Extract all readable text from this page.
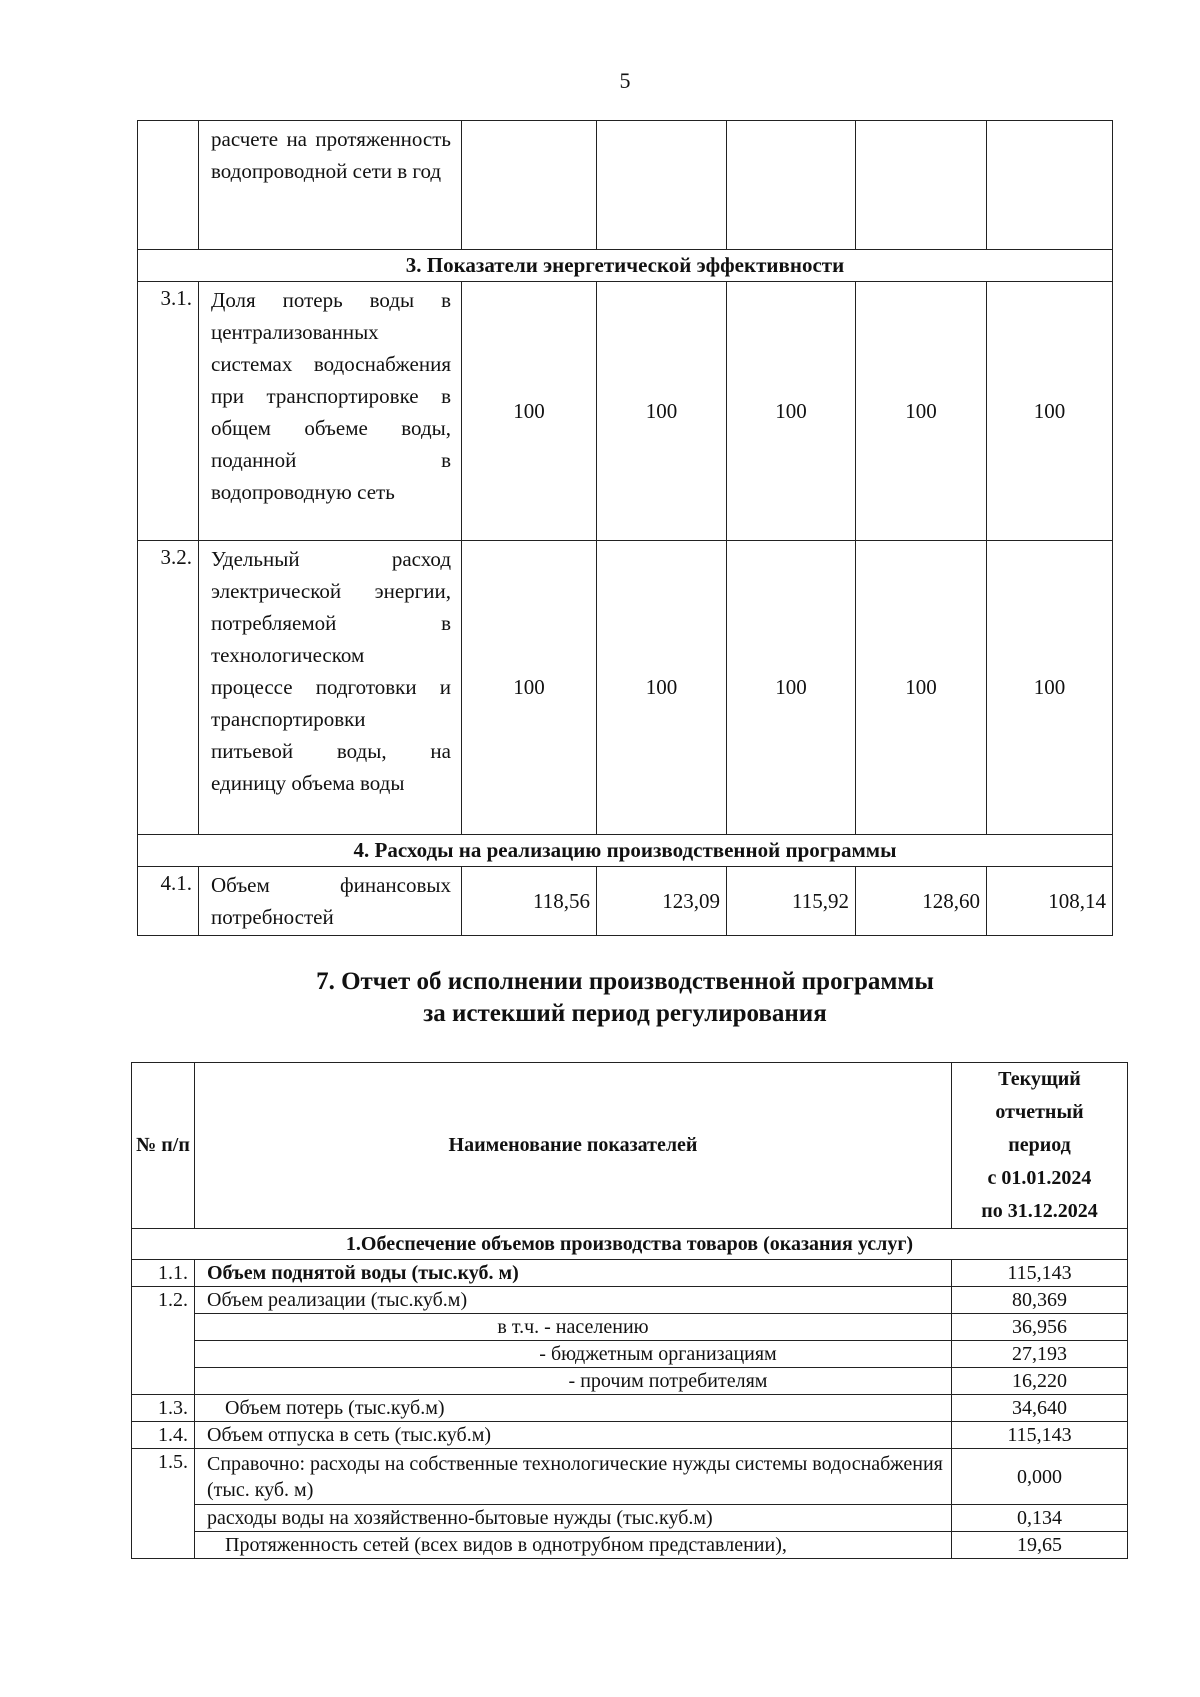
5
	расчете на протяженность водопроводной сети в год					
3. Показатели энергетической эффективности						
3.1.	Доля потерь воды в централизованных системах водоснабжения при транспортировке в общем объеме воды, поданной в водопроводную сеть	100	100	100	100	100
3.2.	Удельный расход электрической энергии, потребляемой в технологическом процессе подготовки и транспортировки питьевой воды, на единицу объема воды	100	100	100	100	100
4. Расходы на реализацию производственной программы						
4.1.	Объем финансовых потребностей	118,56	123,09	115,92	128,60	108,14
7. Отчет об исполнении производственной программы
за истекший период регулирования
№ п/п	Наименование показателей	Текущий
отчетный
период
с 01.01.2024
по 31.12.2024

1.Обеспечение объемов производства товаров (оказания услуг)		
1.1.	Объем поднятой воды (тыс.куб. м)	115,143
1.2.	Объем реализации (тыс.куб.м)	80,369
	в т.ч. - населению	36,956
	- бюджетным организациям	27,193
	- прочим потребителям	16,220
1.3.	Объем потерь (тыс.куб.м)	34,640
1.4.	Объем отпуска в сеть (тыс.куб.м)	115,143
1.5.	Справочно: расходы на собственные технологические нужды системы водоснабжения (тыс. куб. м)	0,000
	расходы воды на хозяйственно-бытовые нужды (тыс.куб.м)	0,134
	Протяженность сетей (всех видов в однотрубном представлении),	19,65
